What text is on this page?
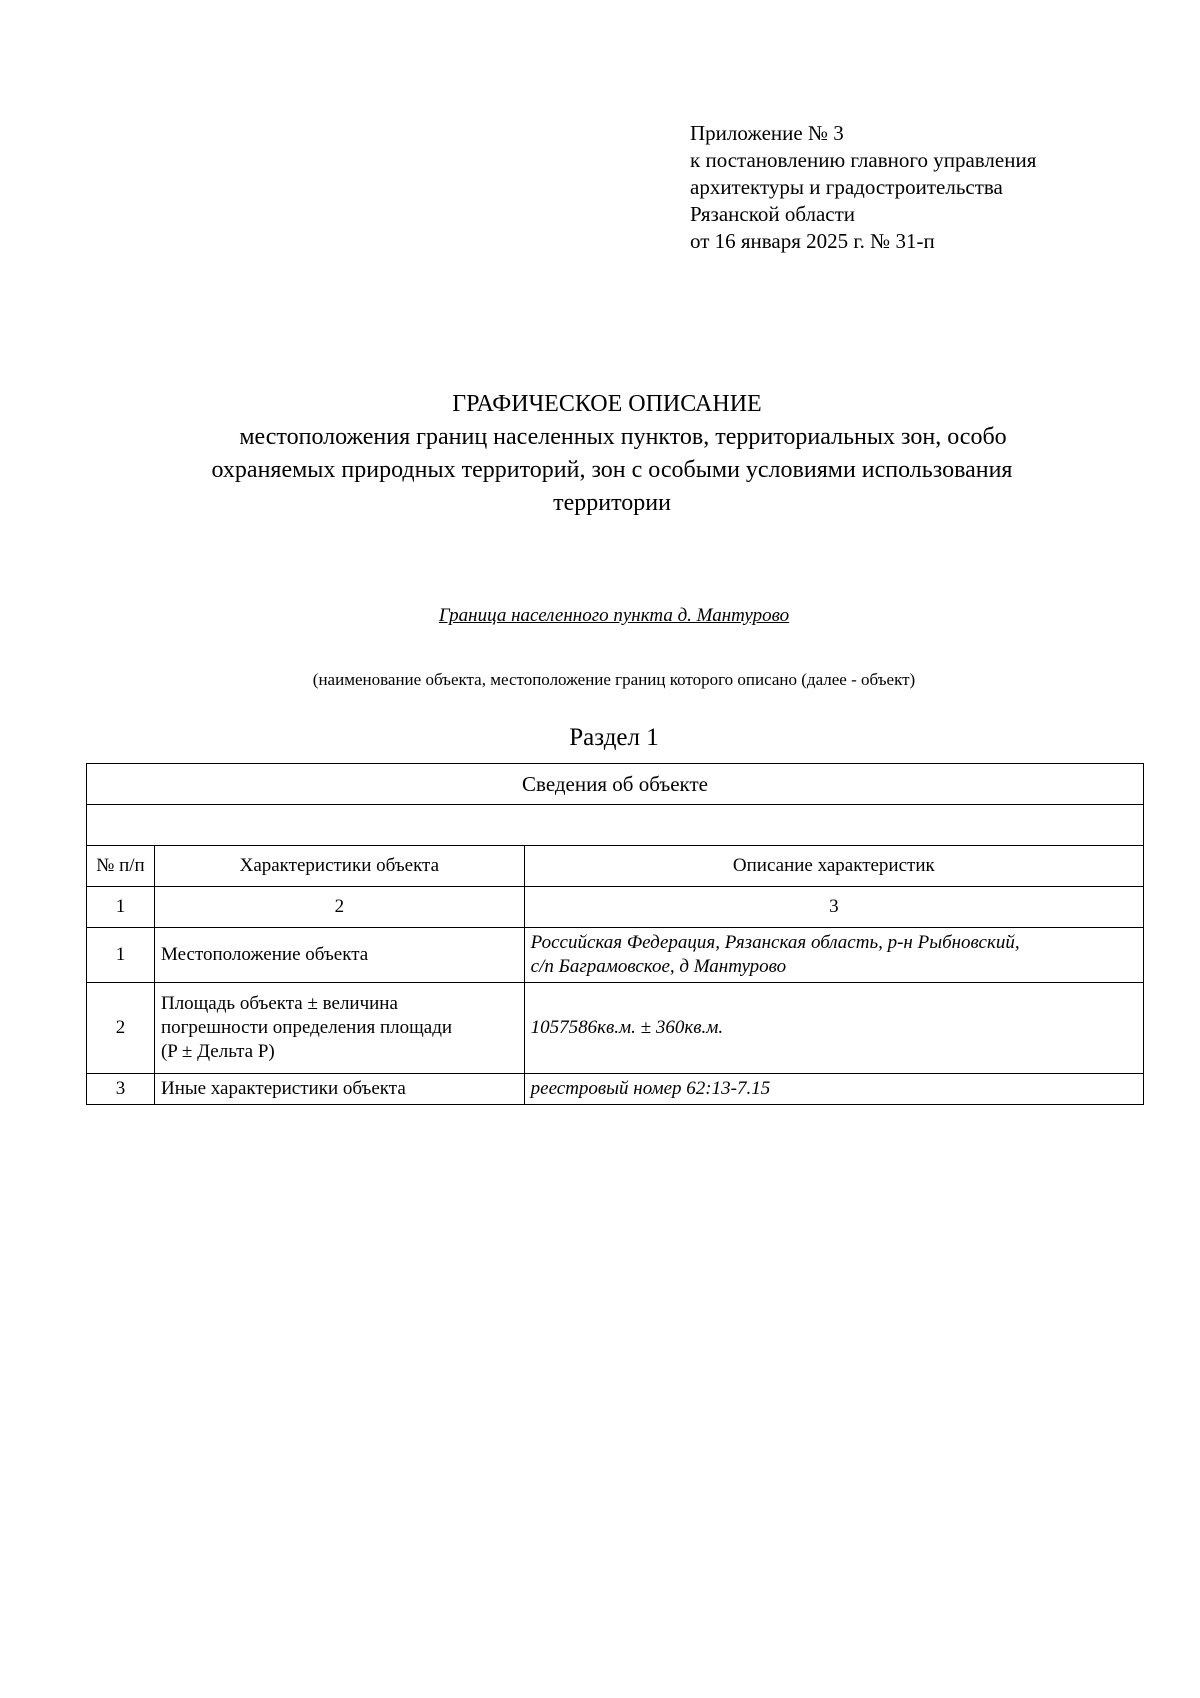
Приложение № 3
к постановлению главного управления
архитектуры и градостроительства
Рязанской области
от 16 января 2025 г. № 31-п
ГРАФИЧЕСКОЕ ОПИСАНИЕ
местоположения границ населенных пунктов, территориальных зон, особо
охраняемых природных территорий, зон с особыми условиями использования
территории
Граница населенного пункта д. Мантурово
(наименование объекта, местоположение границ которого описано (далее - объект)
Раздел 1
Сведения об объекте		

№ п/п	Характеристики объекта	Описание характеристик
1	2	3
1	Местоположение объекта	Российская Федерация, Рязанская область, р-н Рыбновский,
с/п Баграмовское, д Мантурово

2	Площадь объекта ± величина
погрешности определения площади
(P ± Дельта P)	1057586кв.м. ± 360кв.м.
3	Иные характеристики объекта	реестровый номер 62:13-7.15
